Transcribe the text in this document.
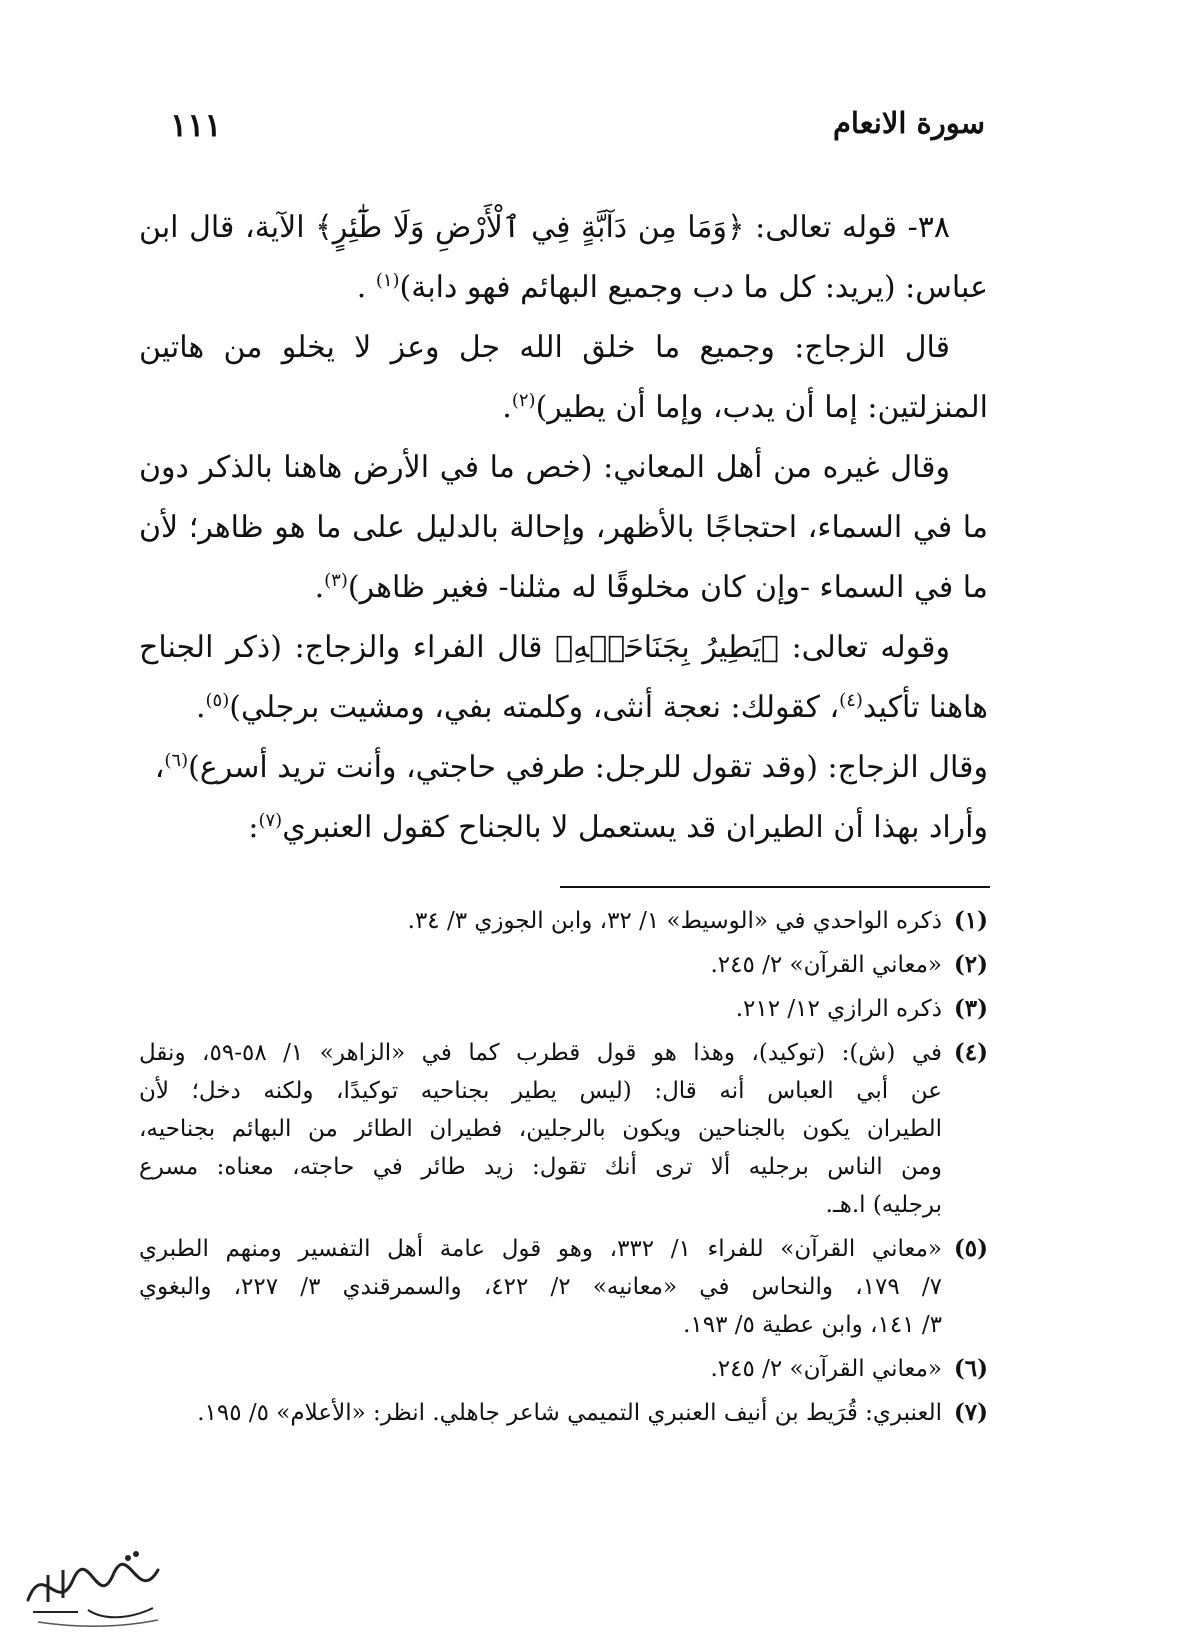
سورة الانعام
١١١
٣٨- قوله تعالى: ﴿وَمَا مِن دَآبَّةٍ فِي ٱلْأَرْضِ وَلَا طَٰٓئِرٍ﴾ الآية، قال ابن
عباس: (يريد: كل ما دب وجميع البهائم فهو دابة)$^{(١)}$ .
قال الزجاج: وجميع ما خلق الله جل وعز لا يخلو من هاتين
المنزلتين: إما أن يدب، وإما أن يطير)$^{(٢)}$.
وقال غيره من أهل المعاني: (خص ما في الأرض هاهنا بالذكر دون
ما في السماء، احتجاجًا بالأظهر، وإحالة بالدليل على ما هو ظاهر؛ لأن
ما في السماء -وإن كان مخلوقًا له مثلنا- فغير ظاهر)$^{(٣)}$.
وقوله تعالى: ﴿يَطِيرُ بِجَنَاحَيۡهِ﴾ قال الفراء والزجاج: (ذكر الجناح
هاهنا تأكيد$^{(٤)}$، كقولك: نعجة أنثى، وكلمته بفي، ومشيت برجلي)$^{(٥)}$.
وقال الزجاج: (وقد تقول للرجل: طرفي حاجتي، وأنت تريد أسرع)$^{(٦)}$،
وأراد بهذا أن الطيران قد يستعمل لا بالجناح كقول العنبري$^{(٧)}$:
(١)
ذكره الواحدي في «الوسيط» ١/ ٣٢، وابن الجوزي ٣/ ٣٤.
(٢)
«معاني القرآن» ٢/ ٢٤٥.
(٣)
ذكره الرازي ١٢/ ٢١٢.
(٤)
في (ش): (توكيد)، وهذا هو قول قطرب كما في «الزاهر» ١/ ٥٨-٥٩، ونقل
عن أبي العباس أنه قال: (ليس يطير بجناحيه توكيدًا، ولكنه دخل؛ لأن
الطيران يكون بالجناحين ويكون بالرجلين، فطيران الطائر من البهائم بجناحيه،
ومن الناس برجليه ألا ترى أنك تقول: زيد طائر في حاجته، معناه: مسرع
برجليه) ا.هـ.
(٥)
«معاني القرآن» للفراء ١/ ٣٣٢، وهو قول عامة أهل التفسير ومنهم الطبري
٧/ ١٧٩، والنحاس في «معانيه» ٢/ ٤٢٢، والسمرقندي ٣/ ٢٢٧، والبغوي
٣/ ١٤١، وابن عطية ٥/ ١٩٣.
(٦)
«معاني القرآن» ٢/ ٢٤٥.
(٧)
العنبري: قُرَيط بن أنيف العنبري التميمي شاعر جاهلي. انظر: «الأعلام» ٥/ ١٩٥.
